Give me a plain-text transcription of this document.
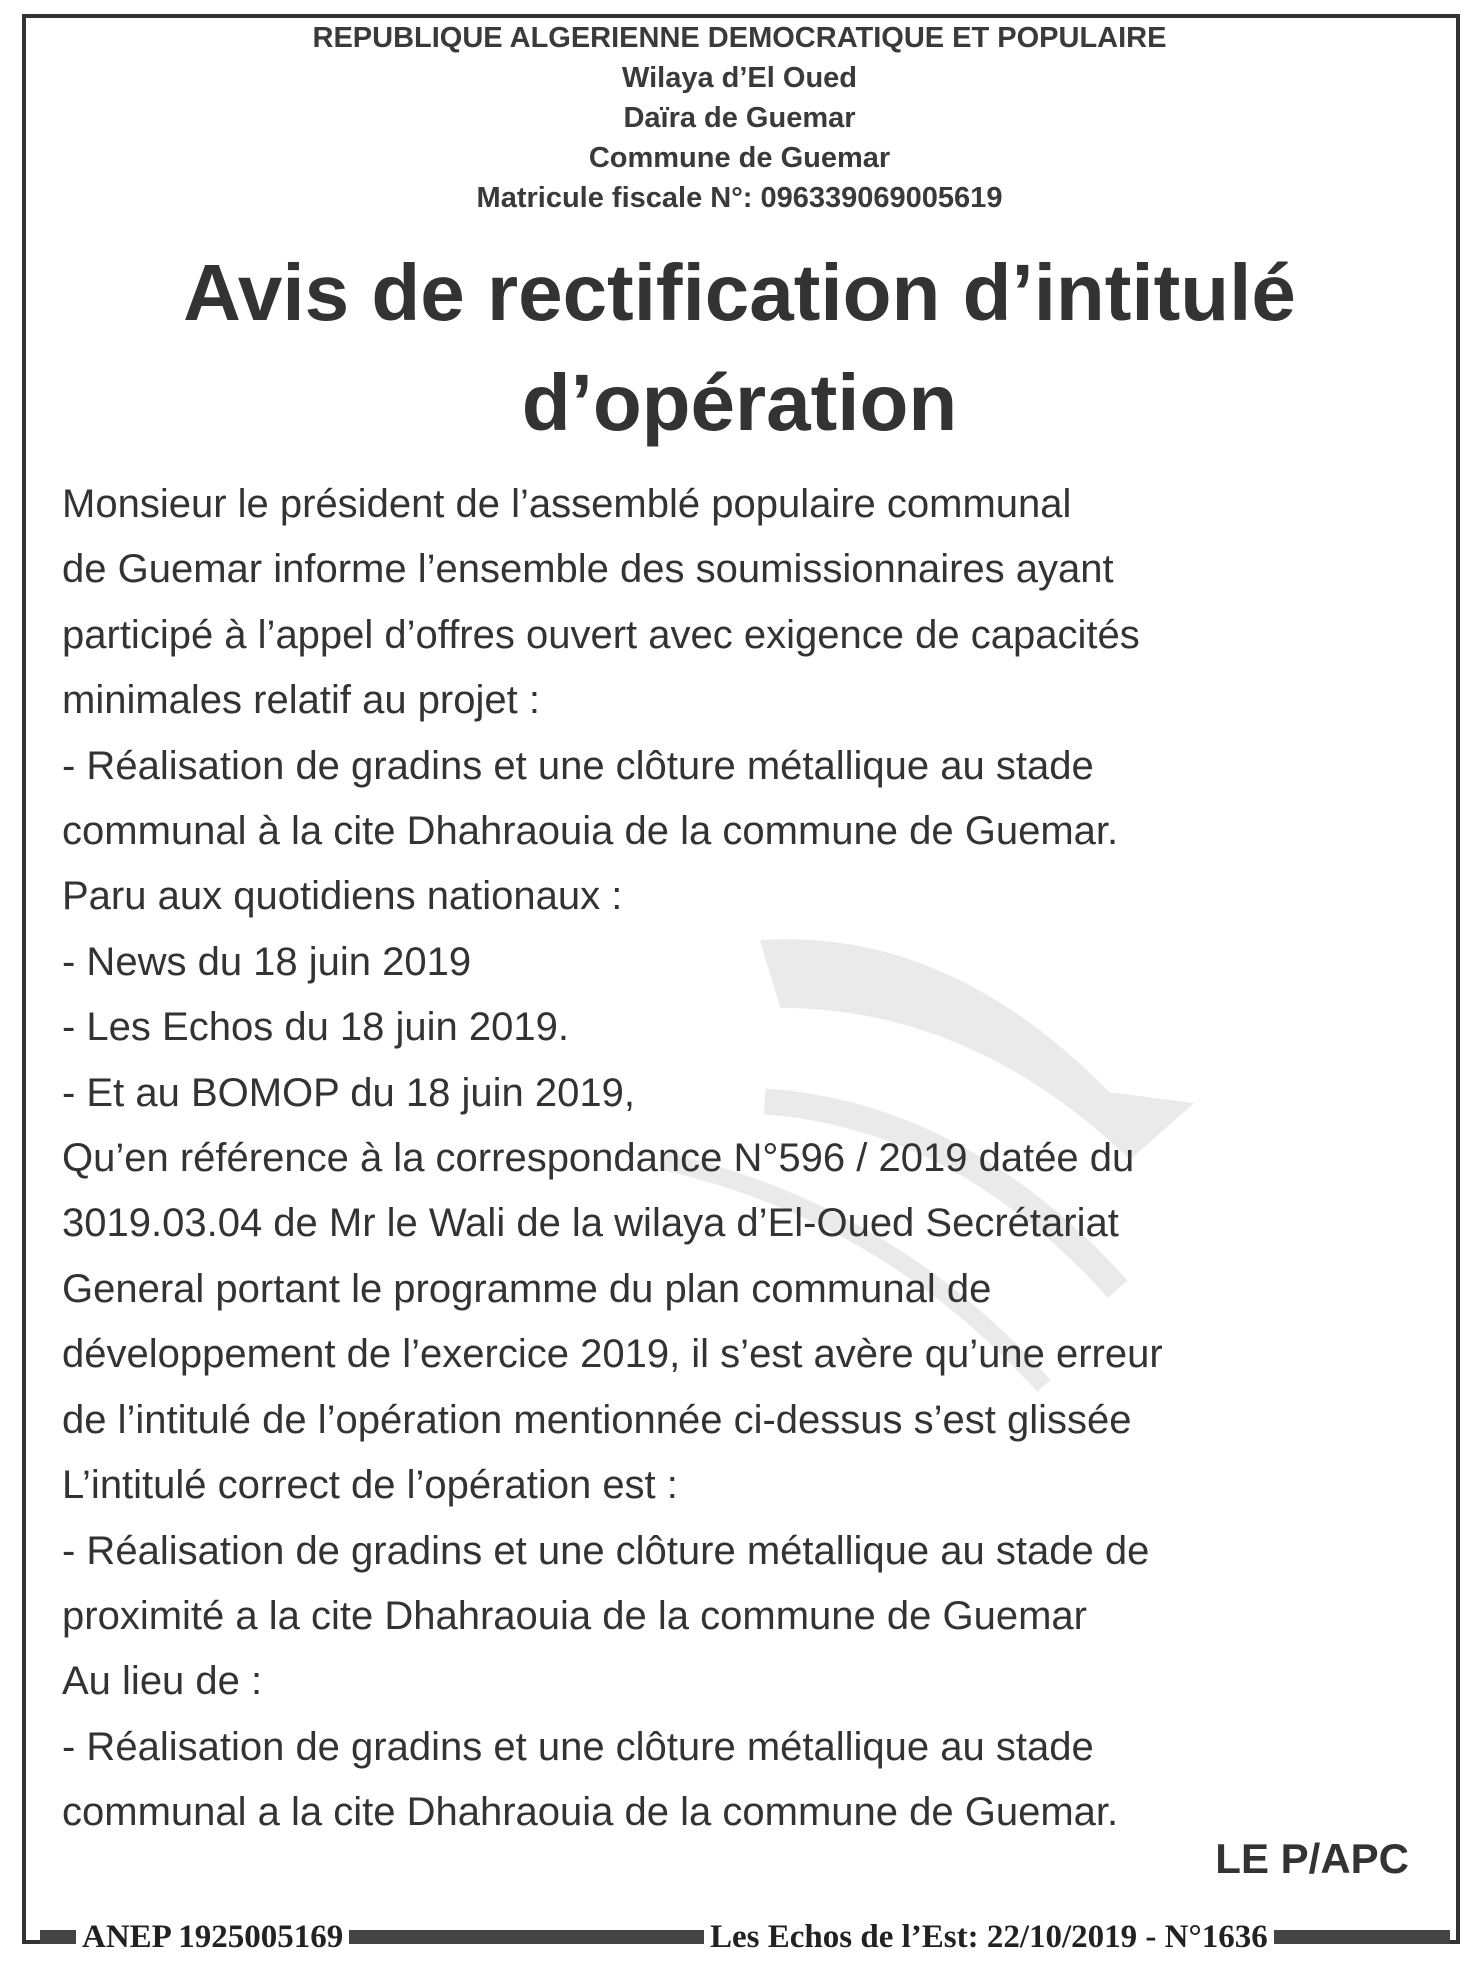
REPUBLIQUE ALGERIENNE DEMOCRATIQUE ET POPULAIRE
Wilaya d’El Oued
Daïra de Guemar
Commune de Guemar
Matricule fiscale N°: 096339069005619
Avis de rectification d’intitulé
d’opération
Monsieur le président de l’assemblé populaire communal
de Guemar informe l’ensemble des soumissionnaires ayant
participé à l’appel d’offres ouvert avec exigence de capacités
minimales relatif au projet :
- Réalisation de gradins et une clôture métallique au stade
communal à la cite Dhahraouia de la commune de Guemar.
Paru aux quotidiens nationaux :
- News du 18 juin 2019
- Les Echos du 18 juin 2019.
- Et au BOMOP du 18 juin 2019,
Qu’en référence à la correspondance N°596 / 2019 datée du
3019.03.04 de Mr le Wali de la wilaya d’El-Oued Secrétariat
General portant le programme du plan communal de
développement de l’exercice 2019, il s’est avère qu’une erreur
de l’intitulé de l’opération mentionnée ci-dessus s’est glissée
L’intitulé correct de l’opération est :
- Réalisation de gradins et une clôture métallique au stade de
proximité a la cite Dhahraouia de la commune de Guemar
Au lieu de :
- Réalisation de gradins et une clôture métallique au stade
communal a la cite Dhahraouia de la commune de Guemar.
LE P/APC
ANEP 1925005169	Les Echos de l’Est: 22/10/2019 - N°1636
